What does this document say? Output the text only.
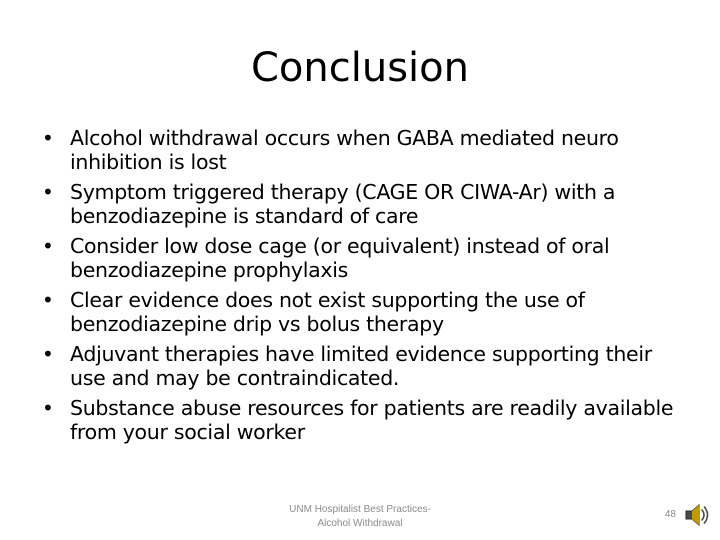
Conclusion
• Alcohol withdrawal occurs when GABA mediated neuro inhibition is lost
• Symptom triggered therapy (CAGE OR CIWA-Ar) with a benzodiazepine is standard of care
• Consider low dose cage (or equivalent) instead of oral benzodiazepine prophylaxis
• Clear evidence does not exist supporting the use of benzodiazepine drip vs bolus therapy
• Adjuvant therapies have limited evidence supporting their use and may be contraindicated.
• Substance abuse resources for patients are readily available from your social worker
UNM Hospitalist Best Practices-
Alcohol Withdrawal
48
